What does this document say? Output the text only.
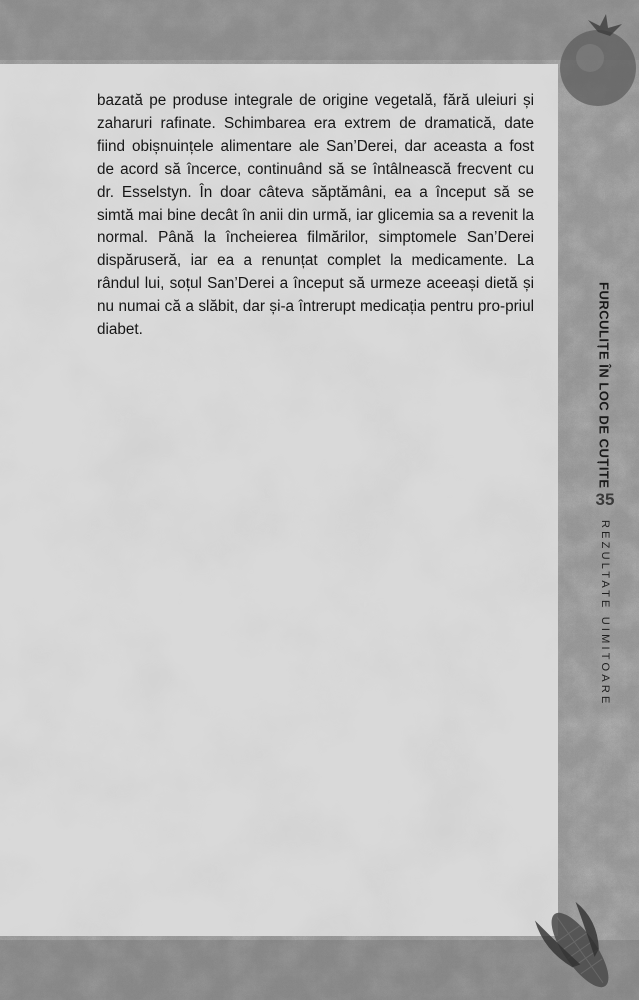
bazată pe produse integrale de origine vegetală, fără uleiuri și zaharuri rafinate. Schimbarea era extrem de dramatică, date fiind obișnuințele alimentare ale San’Derei, dar aceasta a fost de acord să încerce, continuând să se întâlnească frecvent cu dr. Esselstyn. În doar câteva săptămâni, ea a început să se simtă mai bine decât în anii din urmă, iar glicemia sa a revenit la normal. Până la încheierea filmărilor, simptomele San’Derei dispăruseră, iar ea a renunțat complet la medicamente. La rândul lui, soțul San’Derei a început să urmeze aceeași dietă și nu numai că a slăbit, dar și-a întrerupt medicația pentru pro-priul diabet.	FURCULIȚE ÎN LOC DE CUȚITE
35
REZULTATE UIMITOARE
